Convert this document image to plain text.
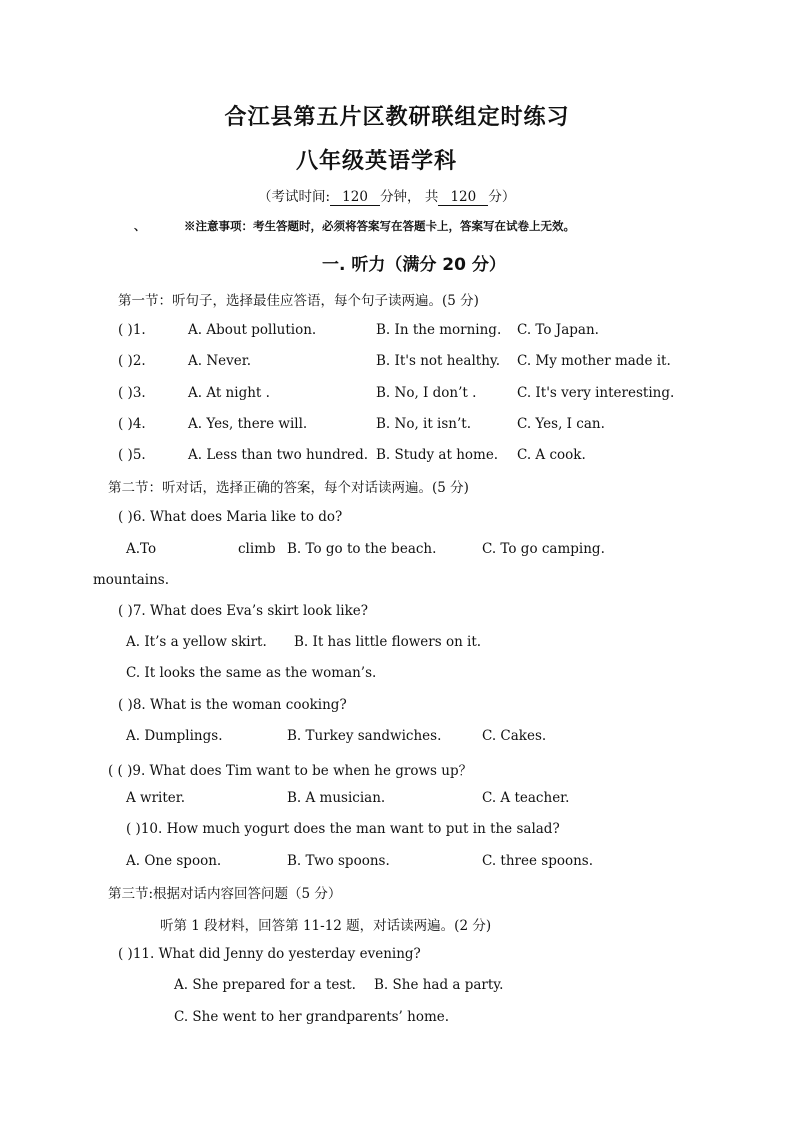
合江县第五片区教研联组定时练习
八年级英语学科
（考试时间: 120 分钟， 共 120 分）
、	※注意事项：考生答题时，必须将答案写在答题卡上，答案写在试卷上无效。
一. 听力（满分 20 分）
第一节：听句子，选择最佳应答语，每个句子读两遍。(5 分)
( )1.	A. About pollution.	B. In the morning. C. To Japan.
( )2.	A. Never.	B. It's not healthy. C. My mother made it.
( )3.	A. At night .	B. No, I don’t .	C. It's very interesting.
( )4.	A. Yes, there will.	B. No, it isn’t.	C. Yes, I can.
( )5.	A. Less than two hundred. B. Study at home. C. A cook.
第二节：听对话，选择正确的答案，每个对话读两遍。(5 分)
( )6. What does Maria like to do?
A.To	climb B. To go to the beach.	C. To go camping.
mountains.
( )7. What does Eva’s skirt look like?
A. It’s a yellow skirt. B. It has little flowers on it.
C. It looks the same as the woman’s.
( )8. What is the woman cooking?
A. Dumplings.	B. Turkey sandwiches.	C. Cakes.
( ( )9. What does Tim want to be when he grows up？
A writer.	B. A musician.	C. A teacher.
( )10. How much yogurt does the man want to put in the salad?
A. One spoon.	B. Two spoons.	C. three spoons.
第三节:根据对话内容回答问题（5 分）
听第 1 段材料，回答第 11-12 题，对话读两遍。(2 分)
( )11. What did Jenny do yesterday evening?
A. She prepared for a test. B. She had a party.
C. She went to her grandparents’ home.
